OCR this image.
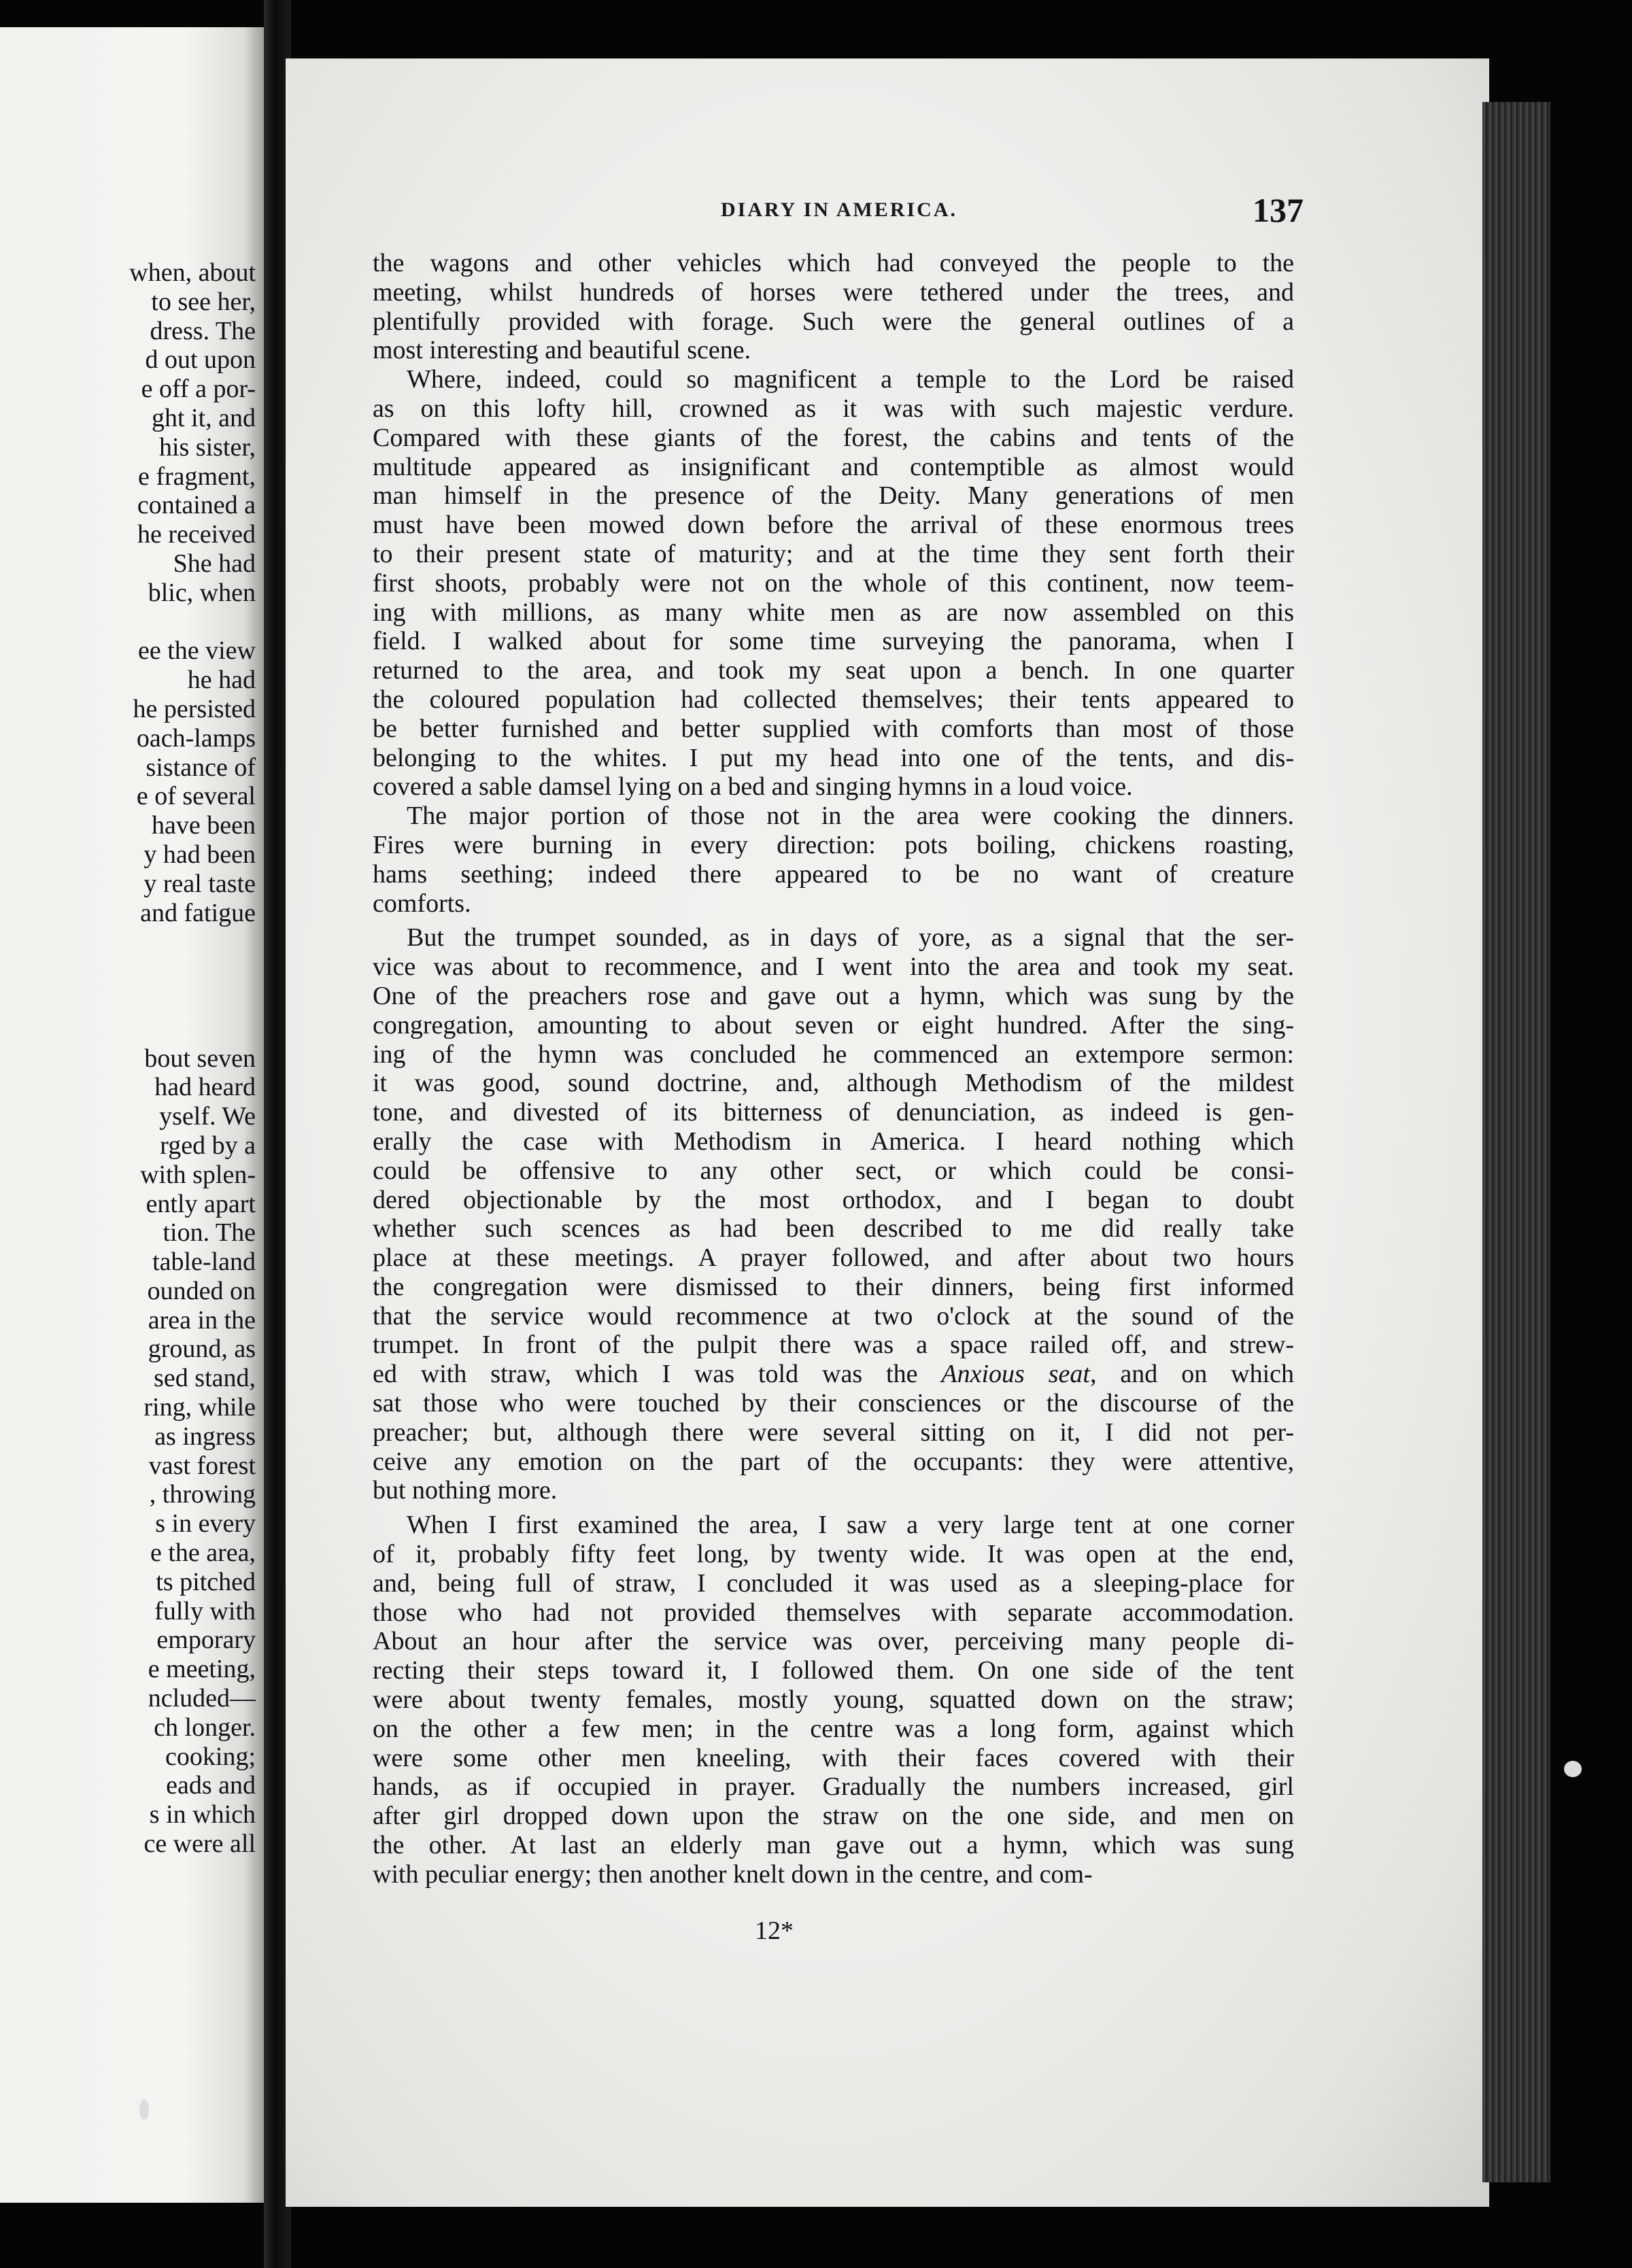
when, about
to see her,
dress. The
d out upon
e off a por-
ght it, and
his sister,
e fragment,
contained a
he received
She had
blic, when
ee the view
he had
he persisted
oach-lamps
sistance of
e of several
have been
y had been
y real taste
and fatigue
bout seven
had heard
yself. We
rged by a
with splen-
ently apart
tion. The
table-land
ounded on
area in the
ground, as
sed stand,
ring, while
as ingress
vast forest
, throwing
s in every
e the area,
ts pitched
fully with
emporary
e meeting,
ncluded—
ch longer.
cooking;
eads and
s in which
ce were all
DIARY IN AMERICA.	137
the wagons and other vehicles which had conveyed the people to the
meeting, whilst hundreds of horses were tethered under the trees, and
plentifully provided with forage. Such were the general outlines of a
most interesting and beautiful scene.
Where, indeed, could so magnificent a temple to the Lord be raised
as on this lofty hill, crowned as it was with such majestic verdure.
Compared with these giants of the forest, the cabins and tents of the
multitude appeared as insignificant and contemptible as almost would
man himself in the presence of the Deity. Many generations of men
must have been mowed down before the arrival of these enormous trees
to their present state of maturity; and at the time they sent forth their
first shoots, probably were not on the whole of this continent, now teem-
ing with millions, as many white men as are now assembled on this
field. I walked about for some time surveying the panorama, when I
returned to the area, and took my seat upon a bench. In one quarter
the coloured population had collected themselves; their tents appeared to
be better furnished and better supplied with comforts than most of those
belonging to the whites. I put my head into one of the tents, and dis-
covered a sable damsel lying on a bed and singing hymns in a loud voice.
The major portion of those not in the area were cooking the dinners.
Fires were burning in every direction: pots boiling, chickens roasting,
hams seething; indeed there appeared to be no want of creature
comforts.
But the trumpet sounded, as in days of yore, as a signal that the ser-
vice was about to recommence, and I went into the area and took my seat.
One of the preachers rose and gave out a hymn, which was sung by the
congregation, amounting to about seven or eight hundred. After the sing-
ing of the hymn was concluded he commenced an extempore sermon:
it was good, sound doctrine, and, although Methodism of the mildest
tone, and divested of its bitterness of denunciation, as indeed is gen-
erally the case with Methodism in America. I heard nothing which
could be offensive to any other sect, or which could be consi-
dered objectionable by the most orthodox, and I began to doubt
whether such scences as had been described to me did really take
place at these meetings. A prayer followed, and after about two hours
the congregation were dismissed to their dinners, being first informed
that the service would recommence at two o'clock at the sound of the
trumpet. In front of the pulpit there was a space railed off, and strew-
ed with straw, which I was told was the Anxious seat, and on which
sat those who were touched by their consciences or the discourse of the
preacher; but, although there were several sitting on it, I did not per-
ceive any emotion on the part of the occupants: they were attentive,
but nothing more.
When I first examined the area, I saw a very large tent at one corner
of it, probably fifty feet long, by twenty wide. It was open at the end,
and, being full of straw, I concluded it was used as a sleeping-place for
those who had not provided themselves with separate accommodation.
About an hour after the service was over, perceiving many people di-
recting their steps toward it, I followed them. On one side of the tent
were about twenty females, mostly young, squatted down on the straw;
on the other a few men; in the centre was a long form, against which
were some other men kneeling, with their faces covered with their
hands, as if occupied in prayer. Gradually the numbers increased, girl
after girl dropped down upon the straw on the one side, and men on
the other. At last an elderly man gave out a hymn, which was sung
with peculiar energy; then another knelt down in the centre, and com-
12*
